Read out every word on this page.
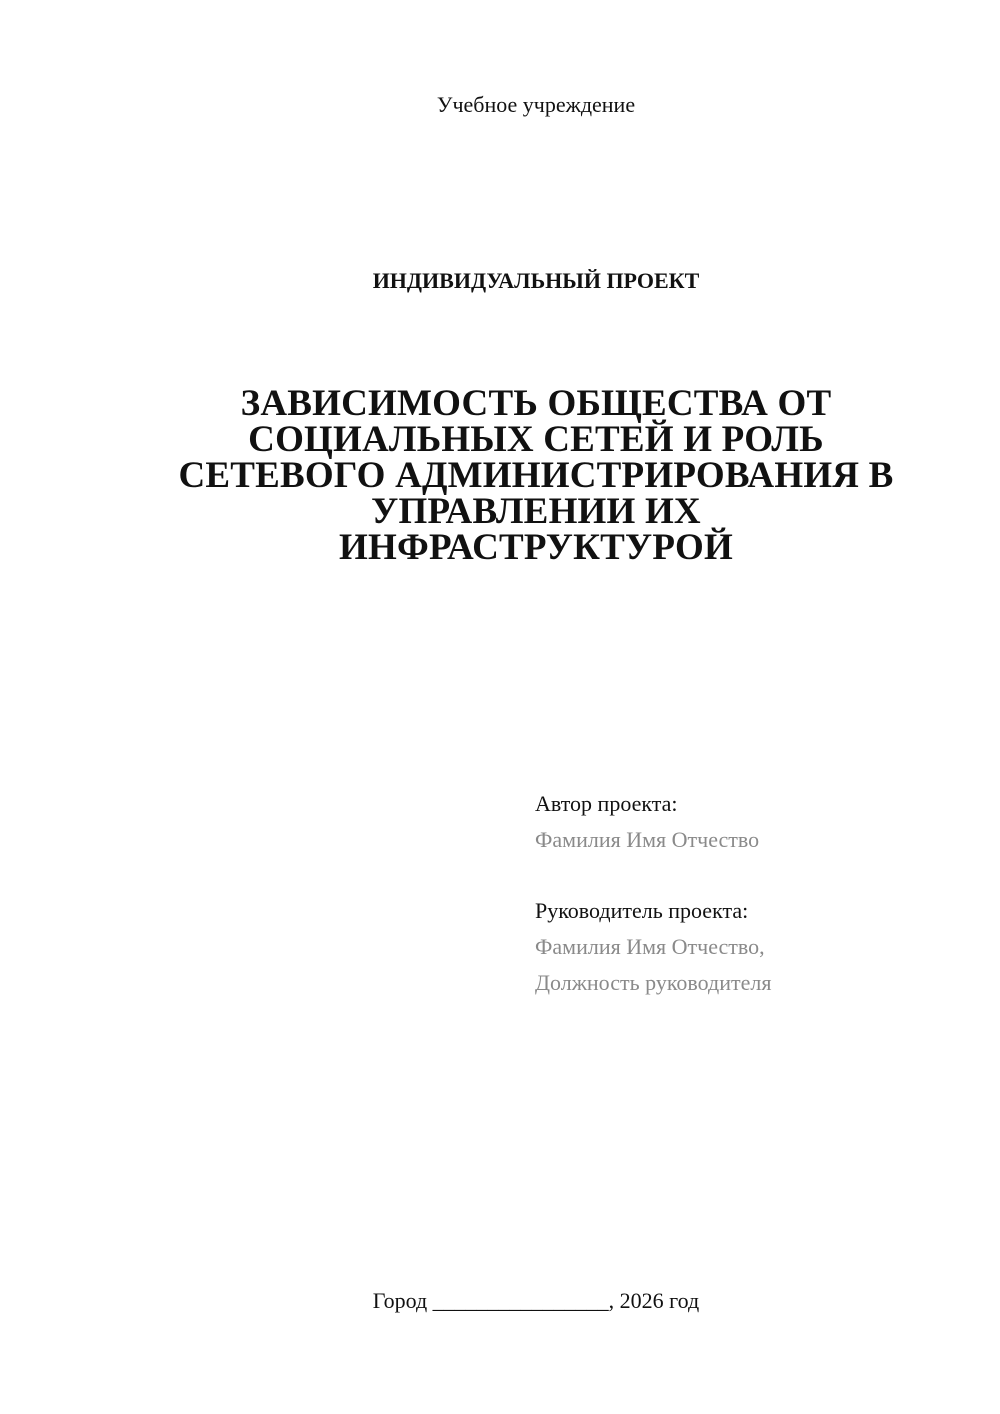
Учебное учреждение
ИНДИВИДУАЛЬНЫЙ ПРОЕКТ
ЗАВИСИМОСТЬ ОБЩЕСТВА ОТ
СОЦИАЛЬНЫХ СЕТЕЙ И РОЛЬ
СЕТЕВОГО АДМИНИСТРИРОВАНИЯ В
УПРАВЛЕНИИ ИХ
ИНФРАСТРУКТУРОЙ
Автор проекта:
Фамилия Имя Отчество
Руководитель проекта:
Фамилия Имя Отчество,
Должность руководителя
Город ________________, 2026 год
